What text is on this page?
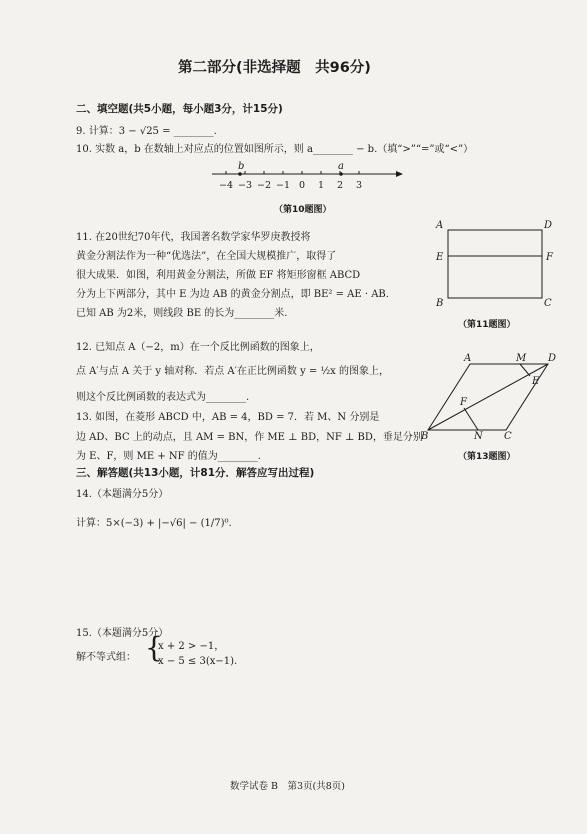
第二部分(非选择题　共96分)
二、填空题(共5小题，每小题3分，计15分)
9. 计算：3 − √25 = ________.
10. 实数 a，b 在数轴上对应点的位置如图所示，则 a________ − b.（填“>”“=”或“<”）
−4 −3 −2 −1 0 1 2 3
b	a
（第10题图）
11. 在20世纪70年代，我国著名数学家华罗庚教授将
黄金分割法作为一种“优选法”，在全国大规模推广，取得了
很大成果．如图，利用黄金分割法，所做 EF 将矩形窗框 ABCD
分为上下两部分，其中 E 为边 AB 的黄金分割点，即 BE² = AE · AB．
已知 AB 为2米，则线段 BE 的长为________米.
A	D
E	F
B	C
（第11题图）
12. 已知点 A（−2，m）在一个反比例函数的图象上，
点 A′与点 A 关于 y 轴对称．若点 A′在正比例函数 y = ½x 的图象上，
则这个反比例函数的表达式为________.
13. 如图，在菱形 ABCD 中，AB = 4，BD = 7．若 M、N 分别是
边 AD、BC 上的动点，且 AM = BN，作 ME ⊥ BD，NF ⊥ BD，垂足分别
为 E、F，则 ME + NF 的值为________.
A	M D
E
F
B	N C
（第13题图）
三、解答题(共13小题，计81分．解答应写出过程)
14.（本题满分5分）
计算：5×(−3) + |−√6| − (1/7)⁰.
15.（本题满分5分）
解不等式组： {
x + 2 > −1，
x − 5 ≤ 3(x−1).
数学试卷 B　第3页(共8页)
